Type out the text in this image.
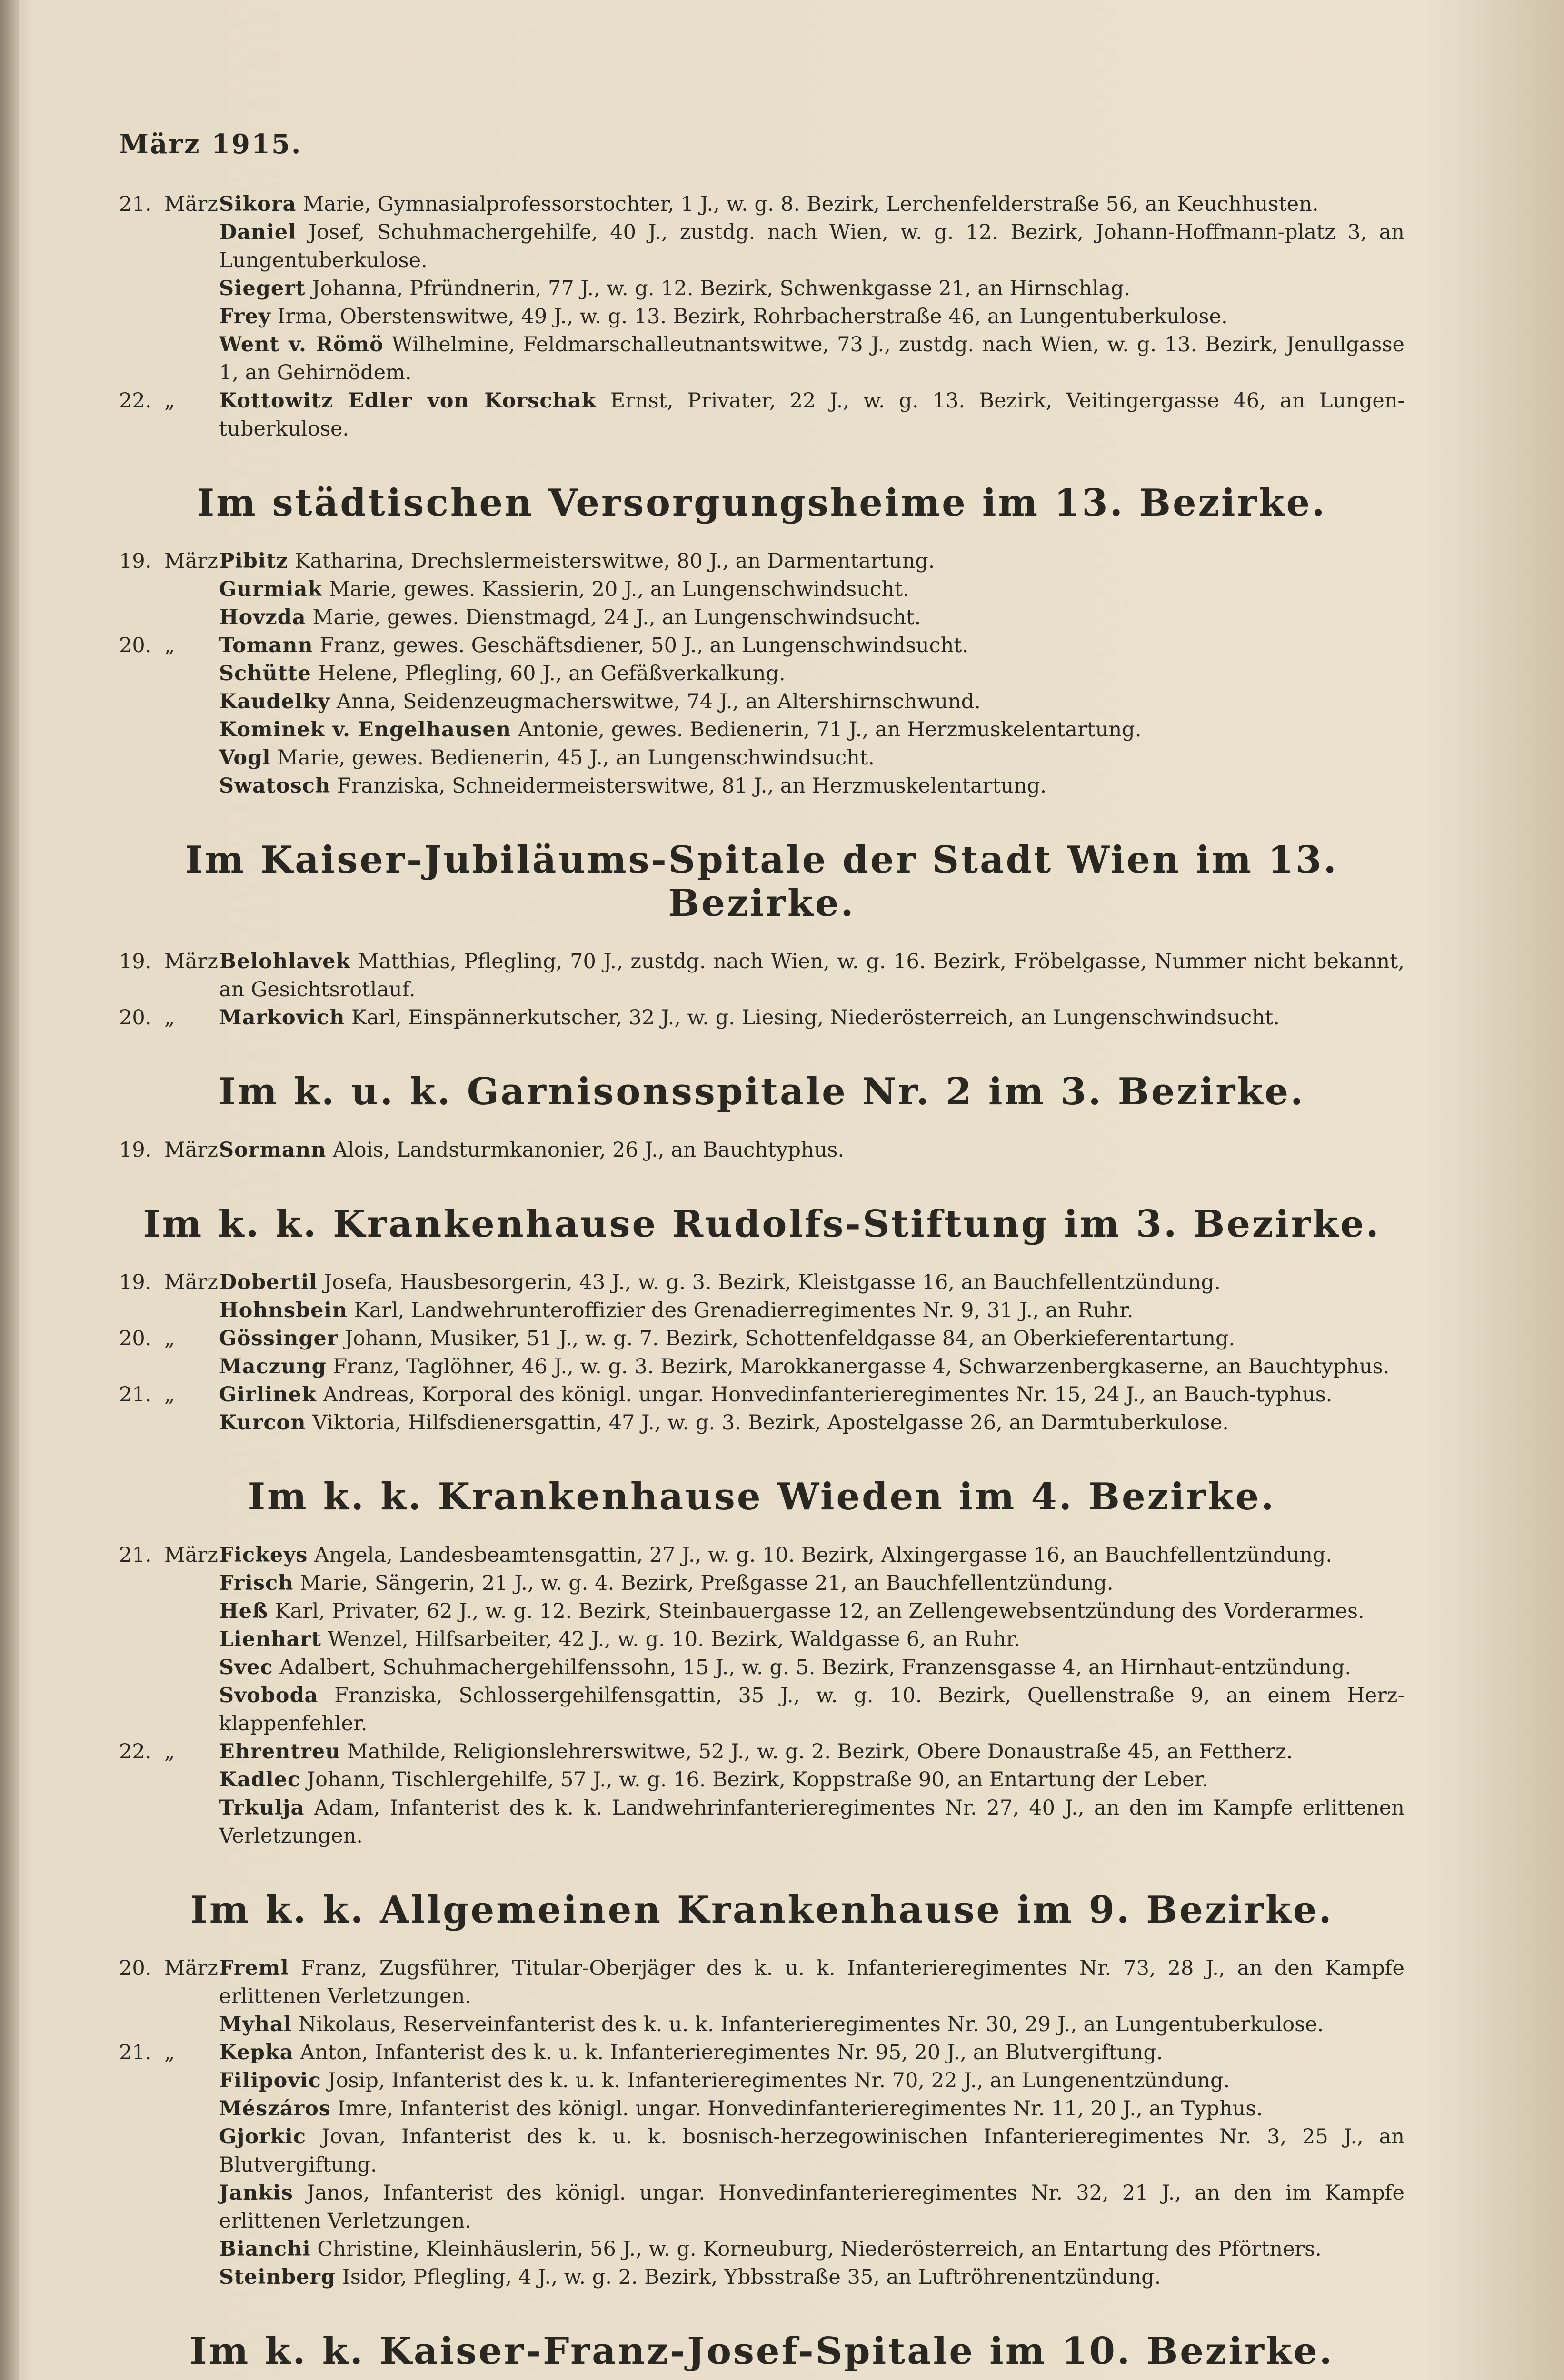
März 1915.
21. März Sikora Marie, Gymnasialprofessorstochter, 1 J., w. g. 8. Bezirk, Lerchenfelderstraße 56, an Keuchhusten.
Daniel Josef, Schuhmachergehilfe, 40 J., zustdg. nach Wien, w. g. 12. Bezirk, Johann-Hoffmann-platz 3, an Lungentuberkulose.
Siegert Johanna, Pfründnerin, 77 J., w. g. 12. Bezirk, Schwenkgasse 21, an Hirnschlag.
Frey Irma, Oberstenswitwe, 49 J., w. g. 13. Bezirk, Rohrbacherstraße 46, an Lungentuberkulose.
Went v. Römö Wilhelmine, Feldmarschalleutnantswitwe, 73 J., zustdg. nach Wien, w. g. 13. Bezirk, Jenullgasse 1, an Gehirnödem.
22. „	Kottowitz Edler von Korschak Ernst, Privater, 22 J., w. g. 13. Bezirk, Veitingergasse 46, an Lungen-tuberkulose.
Im städtischen Versorgungsheime im 13. Bezirke.
19. März Pibitz Katharina, Drechslermeisterswitwe, 80 J., an Darmentartung.
Gurmiak Marie, gewes. Kassierin, 20 J., an Lungenschwindsucht.
Hovzda Marie, gewes. Dienstmagd, 24 J., an Lungenschwindsucht.
20. „	Tomann Franz, gewes. Geschäftsdiener, 50 J., an Lungenschwindsucht.
Schütte Helene, Pflegling, 60 J., an Gefäßverkalkung.
Kaudelky Anna, Seidenzeugmacherswitwe, 74 J., an Altershirnschwund.
Kominek v. Engelhausen Antonie, gewes. Bedienerin, 71 J., an Herzmuskelentartung.
Vogl Marie, gewes. Bedienerin, 45 J., an Lungenschwindsucht.
Swatosch Franziska, Schneidermeisterswitwe, 81 J., an Herzmuskelentartung.
Im Kaiser-Jubiläums-Spitale der Stadt Wien im 13. Bezirke.
19. März Belohlavek Matthias, Pflegling, 70 J., zustdg. nach Wien, w. g. 16. Bezirk, Fröbelgasse, Nummer nicht bekannt, an Gesichtsrotlauf.
20. „	Markovich Karl, Einspännerkutscher, 32 J., w. g. Liesing, Niederösterreich, an Lungenschwindsucht.
Im k. u. k. Garnisonsspitale Nr. 2 im 3. Bezirke.
19. März Sormann Alois, Landsturmkanonier, 26 J., an Bauchtyphus.
Im k. k. Krankenhause Rudolfs-Stiftung im 3. Bezirke.
19. März Dobertil Josefa, Hausbesorgerin, 43 J., w. g. 3. Bezirk, Kleistgasse 16, an Bauchfellentzündung.
Hohnsbein Karl, Landwehrunteroffizier des Grenadierregimentes Nr. 9, 31 J., an Ruhr.
20. „	Gössinger Johann, Musiker, 51 J., w. g. 7. Bezirk, Schottenfeldgasse 84, an Oberkieferentartung.
Maczung Franz, Taglöhner, 46 J., w. g. 3. Bezirk, Marokkanergasse 4, Schwarzenbergkaserne, an Bauchtyphus.
21. „	Girlinek Andreas, Korporal des königl. ungar. Honvedinfanterieregimentes Nr. 15, 24 J., an Bauch-typhus.
Kurcon Viktoria, Hilfsdienersgattin, 47 J., w. g. 3. Bezirk, Apostelgasse 26, an Darmtuberkulose.
Im k. k. Krankenhause Wieden im 4. Bezirke.
21. März Fickeys Angela, Landesbeamtensgattin, 27 J., w. g. 10. Bezirk, Alxingergasse 16, an Bauchfellentzündung.
Frisch Marie, Sängerin, 21 J., w. g. 4. Bezirk, Preßgasse 21, an Bauchfellentzündung.
Heß Karl, Privater, 62 J., w. g. 12. Bezirk, Steinbauergasse 12, an Zellengewebsentzündung des Vorderarmes.
Lienhart Wenzel, Hilfsarbeiter, 42 J., w. g. 10. Bezirk, Waldgasse 6, an Ruhr.
Svec Adalbert, Schuhmachergehilfenssohn, 15 J., w. g. 5. Bezirk, Franzensgasse 4, an Hirnhaut-entzündung.
Svoboda Franziska, Schlossergehilfensgattin, 35 J., w. g. 10. Bezirk, Quellenstraße 9, an einem Herz-klappenfehler.
22. „	Ehrentreu Mathilde, Religionslehrerswitwe, 52 J., w. g. 2. Bezirk, Obere Donaustraße 45, an Fettherz.
Kadlec Johann, Tischlergehilfe, 57 J., w. g. 16. Bezirk, Koppstraße 90, an Entartung der Leber.
Trkulja Adam, Infanterist des k. k. Landwehrinfanterieregimentes Nr. 27, 40 J., an den im Kampfe erlittenen Verletzungen.
Im k. k. Allgemeinen Krankenhause im 9. Bezirke.
20. März Freml Franz, Zugsführer, Titular-Oberjäger des k. u. k. Infanterieregimentes Nr. 73, 28 J., an den Kampfe erlittenen Verletzungen.
Myhal Nikolaus, Reserveinfanterist des k. u. k. Infanterieregimentes Nr. 30, 29 J., an Lungentuberkulose.
21. „	Kepka Anton, Infanterist des k. u. k. Infanterieregimentes Nr. 95, 20 J., an Blutvergiftung.
Filipovic Josip, Infanterist des k. u. k. Infanterieregimentes Nr. 70, 22 J., an Lungenentzündung.
Mészáros Imre, Infanterist des königl. ungar. Honvedinfanterieregimentes Nr. 11, 20 J., an Typhus.
Gjorkic Jovan, Infanterist des k. u. k. bosnisch-herzegowinischen Infanterieregimentes Nr. 3, 25 J., an Blutvergiftung.
Jankis Janos, Infanterist des königl. ungar. Honvedinfanterieregimentes Nr. 32, 21 J., an den im Kampfe erlittenen Verletzungen.
Bianchi Christine, Kleinhäuslerin, 56 J., w. g. Korneuburg, Niederösterreich, an Entartung des Pförtners.
Steinberg Isidor, Pflegling, 4 J., w. g. 2. Bezirk, Ybbsstraße 35, an Luftröhrenentzündung.
Im k. k. Kaiser-Franz-Josef-Spitale im 10. Bezirke.
